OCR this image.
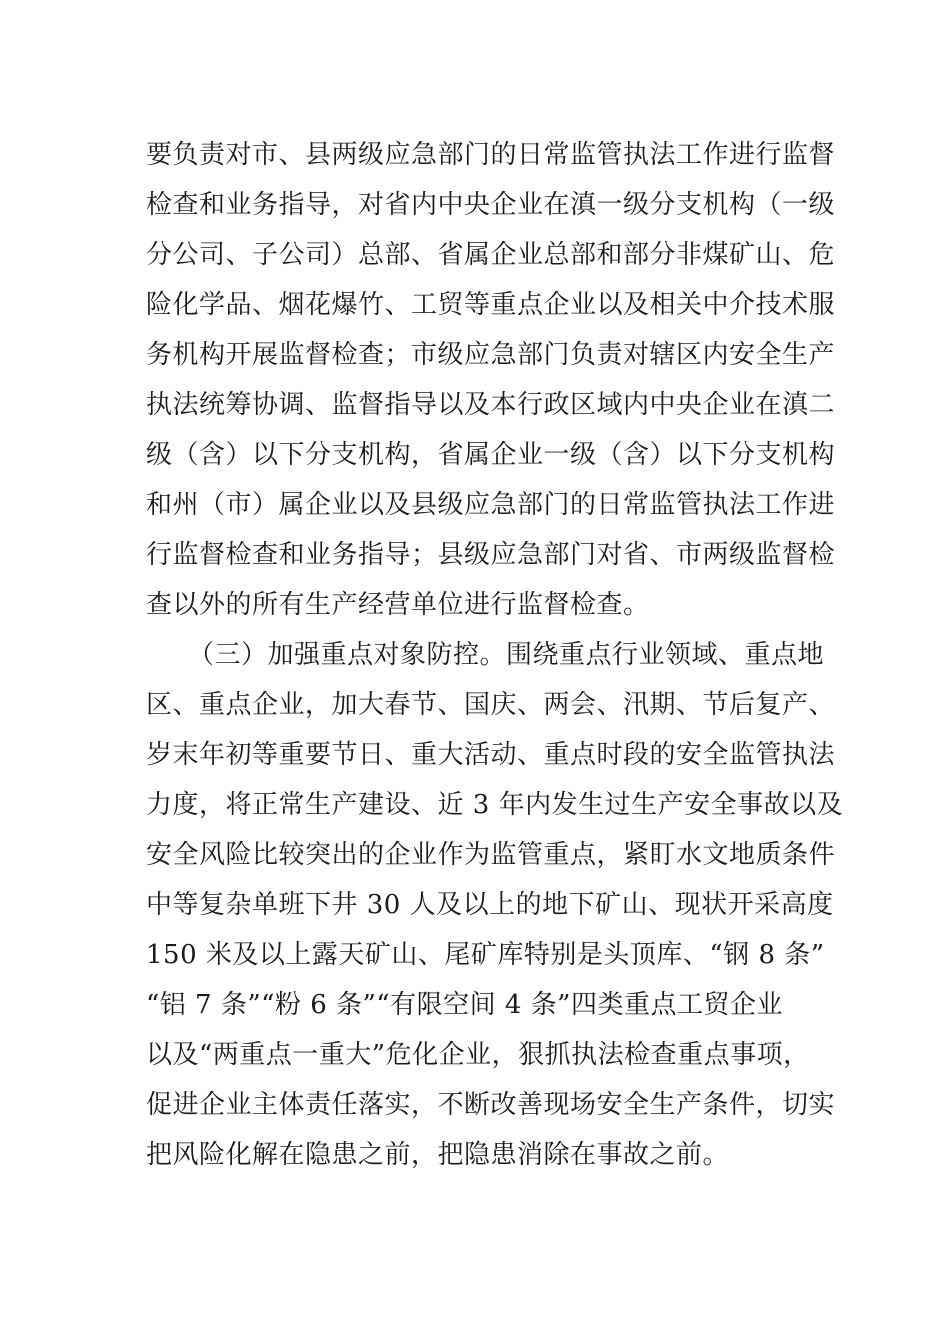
要负责对市、县两级应急部门的日常监管执法工作进行监督
检查和业务指导，对省内中央企业在滇一级分支机构（一级
分公司、子公司）总部、省属企业总部和部分非煤矿山、危
险化学品、烟花爆竹、工贸等重点企业以及相关中介技术服
务机构开展监督检查；市级应急部门负责对辖区内安全生产
执法统筹协调、监督指导以及本行政区域内中央企业在滇二
级（含）以下分支机构，省属企业一级（含）以下分支机构
和州（市）属企业以及县级应急部门的日常监管执法工作进
行监督检查和业务指导；县级应急部门对省、市两级监督检
查以外的所有生产经营单位进行监督检查。
（三）加强重点对象防控。围绕重点行业领域、重点地
区、重点企业，加大春节、国庆、两会、汛期、节后复产、
岁末年初等重要节日、重大活动、重点时段的安全监管执法
力度，将正常生产建设、近 3 年内发生过生产安全事故以及
安全风险比较突出的企业作为监管重点，紧盯水文地质条件
中等复杂单班下井 30 人及以上的地下矿山、现状开采高度
150 米及以上露天矿山、尾矿库特别是头顶库、“钢 8 条”
“铝 7 条”“粉 6 条”“有限空间 4 条”四类重点工贸企业
以及“两重点一重大”危化企业，狠抓执法检查重点事项，
促进企业主体责任落实，不断改善现场安全生产条件，切实
把风险化解在隐患之前，把隐患消除在事故之前。
